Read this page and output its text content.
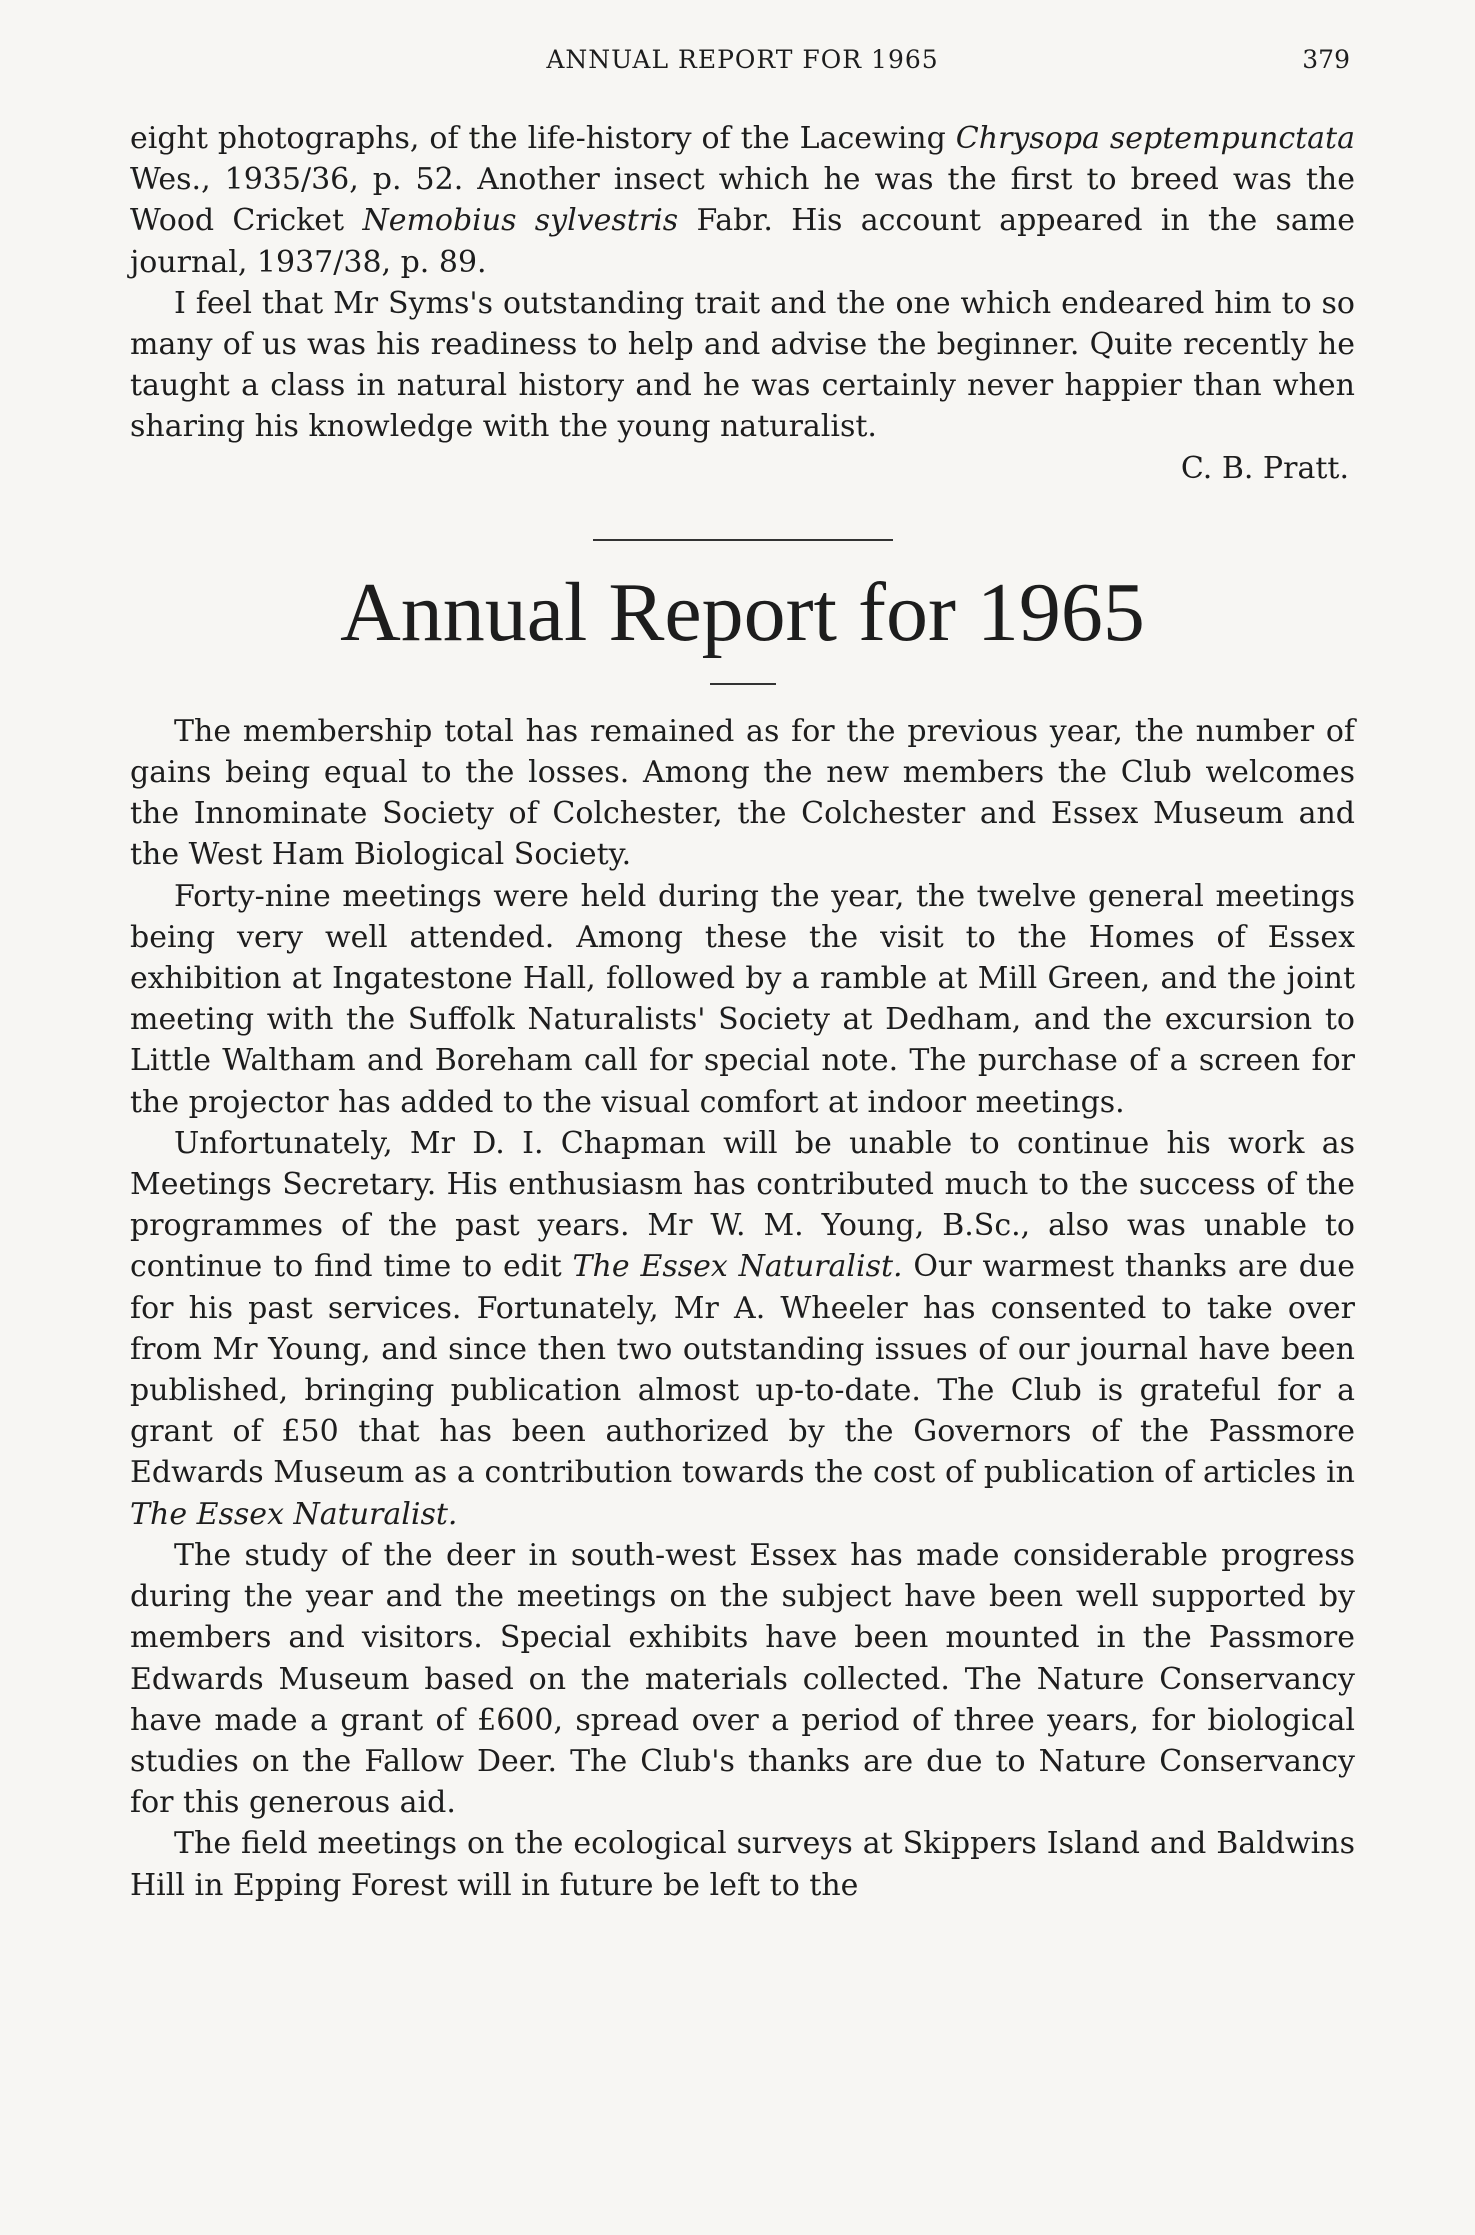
ANNUAL REPORT FOR 1965	379

eight photographs, of the life-history of the Lacewing Chrysopa septempunctata Wes., 1935/36, p. 52. Another insect which he was the first to breed was the Wood Cricket Nemobius sylvestris Fabr. His account appeared in the same journal, 1937/38, p. 89.

I feel that Mr Syms's outstanding trait and the one which endeared him to so many of us was his readiness to help and advise the beginner. Quite recently he taught a class in natural history and he was certainly never happier than when sharing his knowledge with the young naturalist.

C. B. Pratt.

Annual Report for 1965

The membership total has remained as for the previous year, the number of gains being equal to the losses. Among the new members the Club welcomes the Innominate Society of Colchester, the Colchester and Essex Museum and the West Ham Biological Society.

Forty-nine meetings were held during the year, the twelve general meetings being very well attended. Among these the visit to the Homes of Essex exhibition at Ingatestone Hall, followed by a ramble at Mill Green, and the joint meeting with the Suffolk Naturalists' Society at Dedham, and the excursion to Little Waltham and Boreham call for special note. The purchase of a screen for the projector has added to the visual comfort at indoor meetings.

Unfortunately, Mr D. I. Chapman will be unable to continue his work as Meetings Secretary. His enthusiasm has contributed much to the success of the programmes of the past years. Mr W. M. Young, B.Sc., also was unable to continue to find time to edit The Essex Naturalist. Our warmest thanks are due for his past services. Fortunately, Mr A. Wheeler has consented to take over from Mr Young, and since then two outstanding issues of our journal have been published, bringing publication almost up-to-date. The Club is grateful for a grant of £50 that has been authorized by the Governors of the Passmore Edwards Museum as a contribution towards the cost of publication of articles in The Essex Naturalist.

The study of the deer in south-west Essex has made considerable progress during the year and the meetings on the subject have been well supported by members and visitors. Special exhibits have been mounted in the Passmore Edwards Museum based on the materials collected. The Nature Conservancy have made a grant of £600, spread over a period of three years, for biological studies on the Fallow Deer. The Club's thanks are due to Nature Conservancy for this generous aid.

The field meetings on the ecological surveys at Skippers Island and Baldwins Hill in Epping Forest will in future be left to the
